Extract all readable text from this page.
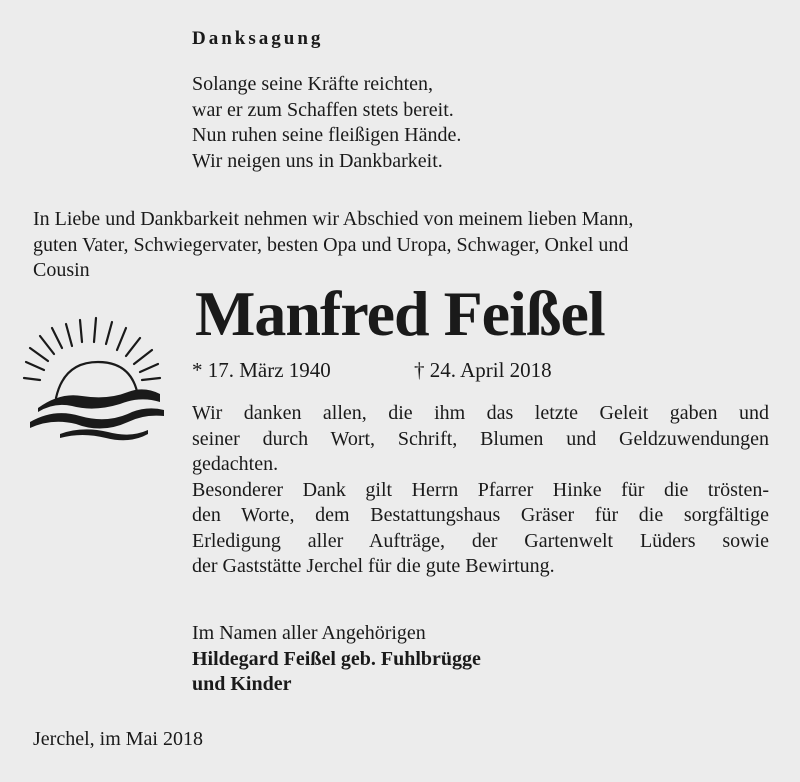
Danksagung
Solange seine Kräfte reichten,
war er zum Schaffen stets bereit.
Nun ruhen seine fleißigen Hände.
Wir neigen uns in Dankbarkeit.
In Liebe und Dankbarkeit nehmen wir Abschied von meinem lieben Mann,
guten Vater, Schwiegervater, besten Opa und Uropa, Schwager, Onkel und
Cousin
Manfred Feißel
* 17. März 1940	† 24. April 2018
Wir danken allen, die ihm das letzte Geleit gaben und
seiner durch Wort, Schrift, Blumen und Geldzuwendungen
gedachten.
Besonderer Dank gilt Herrn Pfarrer Hinke für die trösten-
den Worte, dem Bestattungshaus Gräser für die sorgfältige
Erledigung aller Aufträge, der Gartenwelt Lüders sowie
der Gaststätte Jerchel für die gute Bewirtung.
Im Namen aller Angehörigen
Hildegard Feißel geb. Fuhlbrügge
und Kinder
Jerchel, im Mai 2018
